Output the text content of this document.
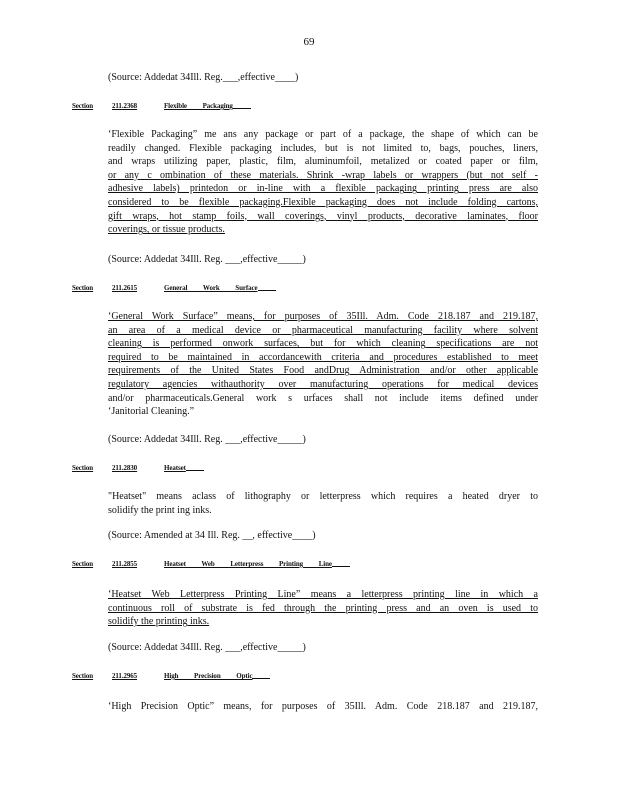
69
(Source: Addedat 34Ill. Reg.___,effective____)
Section	211.2368	Flexible Packaging
‘Flexible Packaging” me ans any package or part of a package, the shape of which can be
readily changed. Flexible packaging includes, but is not limited to, bags, pouches, liners,
and wraps utilizing paper, plastic, film, aluminumfoil, metalized or coated paper or film,
or any c ombination of these materials. Shrink -wrap labels or wrappers (but not self -
adhesive labels) printedon or in-line with a flexible packaging printing press are also
considered to be flexible packaging.Flexible packaging does not include folding cartons,
gift wraps, hot stamp foils, wall coverings, vinyl products, decorative laminates, floor
coverings, or tissue products.
(Source: Addedat 34Ill. Reg. ___,effective_____)
Section	211.2615	General Work Surface
‘General Work Surface” means, for purposes of 35Ill. Adm. Code 218.187 and 219.187,
an area of a medical device or pharmaceutical manufacturing facility where solvent
cleaning is performed onwork surfaces, but for which cleaning specifications are not
required to be maintained in accordancewith criteria and procedures established to meet
requirements of the United States Food andDrug Administration and/or other applicable
regulatory agencies withauthority over manufacturing operations for medical devices
and/or pharmaceuticals.General work s urfaces shall not include items defined under
‘Janitorial Cleaning.”
(Source: Addedat 34Ill. Reg. ___,effective_____)
Section	211.2830	Heatset
"Heatset" means aclass of lithography or letterpress which requires a heated dryer to
solidify the print ing inks.
(Source: Amended at 34 Ill. Reg. __, effective____)
Section	211.2855	Heatset Web Letterpress Printing Line
‘Heatset Web Letterpress Printing Line” means a letterpress printing line in which a
continuous roll of substrate is fed through the printing press and an oven is used to
solidify the printing inks.
(Source: Addedat 34Ill. Reg. ___,effective_____)
Section	211.2965	High Precision Optic
‘High Precision Optic” means, for purposes of 35Ill. Adm. Code 218.187 and 219.187,
